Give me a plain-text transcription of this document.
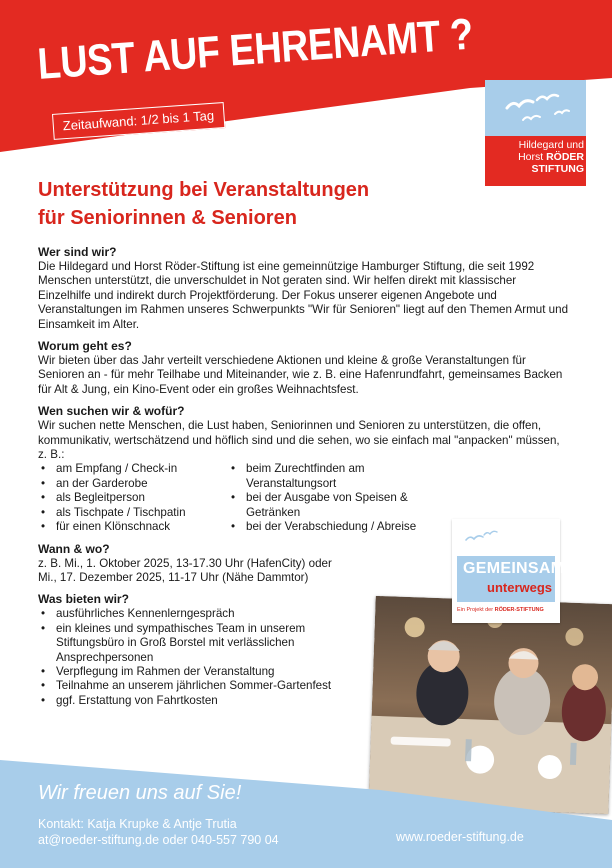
LUST AUF EHRENAMT ?
Zeitaufwand: 1/2 bis 1 Tag
Hildegard und
Horst RÖDER
STIFTUNG
Unterstützung bei Veranstaltungen
für Seniorinnen & Senioren
Wer sind wir?
Die Hildegard und Horst Röder-Stiftung ist eine gemeinnützige Hamburger Stiftung, die seit 1992 Menschen unterstützt, die unverschuldet in Not geraten sind. Wir helfen direkt mit klassischer Einzelhilfe und indirekt durch Projektförderung. Der Fokus unserer eigenen Angebote und Veranstaltungen im Rahmen unseres Schwerpunkts "Wir für Senioren" liegt auf den Themen Armut und Einsamkeit im Alter.
Worum geht es?
Wir bieten über das Jahr verteilt verschiedene Aktionen und kleine & große Veranstaltungen für Senioren an - für mehr Teilhabe und Miteinander, wie z. B. eine Hafenrundfahrt, gemeinsames Backen für Alt & Jung, ein Kino-Event oder ein großes Weihnachtsfest.
Wen suchen wir & wofür?
Wir suchen nette Menschen, die Lust haben, Seniorinnen und Senioren zu unterstützen, die offen, kommunikativ, wertschätzend und höflich sind und die sehen, wo sie einfach mal "anpacken" müssen, z. B.:
• am Empfang / Check-in
• an der Garderobe
• als Begleitperson
• als Tischpate / Tischpatin
• für einen Klönschnack
• beim Zurechtfinden am Veranstaltungsort
• bei der Ausgabe von Speisen & Getränken
• bei der Verabschiedung / Abreise
Wann & wo?
z. B. Mi., 1. Oktober 2025, 13-17.30 Uhr (HafenCity) oder
Mi., 17. Dezember 2025, 11-17 Uhr (Nähe Dammtor)
Was bieten wir?
• ausführliches Kennenlerngespräch
• ein kleines und sympathisches Team in unserem Stiftungsbüro in Groß Borstel mit verlässlichen Ansprechpersonen
• Verpflegung im Rahmen der Veranstaltung
• Teilnahme an unserem jährlichen Sommer-Gartenfest
• ggf. Erstattung von Fahrtkosten
GEMEINSAM
unterwegs
Ein Projekt der RÖDER-STIFTUNG
Wir freuen uns auf Sie!
Kontakt: Katja Krupke & Antje Trutia
at@roeder-stiftung.de oder 040-557 790 04	www.roeder-stiftung.de
